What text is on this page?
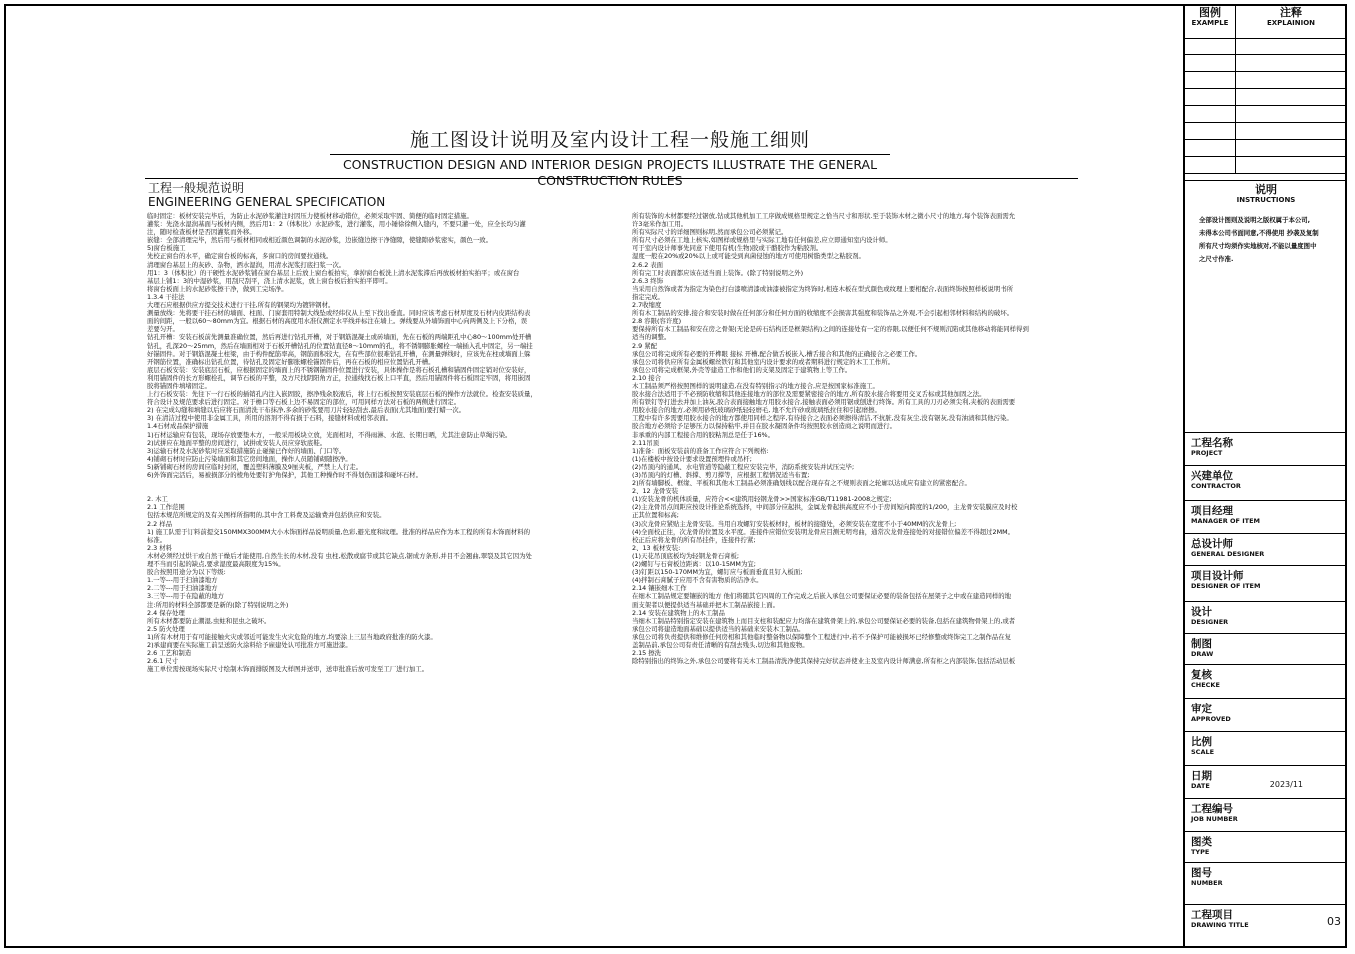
施工图设计说明及室内设计工程一般施工细则
CONSTRUCTION DESIGN AND INTERIOR DESIGN PROJECTS ILLUSTRATE THE GENERAL CONSTRUCTION RULES
工程一般规范说明
ENGINEERING GENERAL SPECIFICATION
临时固定：板材安装完毕后，为防止水泥砂浆灌注时因压力使板材移动错位，必须采取牢固、简便的临时固定措施。
灌浆：先浇水湿润基面与板材内侧，然后用1：2（体积比）水泥砂浆，进行灌浆，用小锤徐徐侧入缝内，不要只灌一处，应全长均匀灌
注，随时检查板材是否因灌浆而外移。
嵌缝：全部清理完毕，然后用与板材相同或相近颜色调制的水泥砂浆，边嵌缝边擦干净缝隙，使缝隙砂浆密实，颜色一致。
5)窗台板施工
先校正窗台的水平，确定窗台板的标高，多窗口的房间要拉通线。
清理窗台基层上的灰砂、杂物，洒水湿润，用清水泥浆打底扫浆一次。
用1：3（体积比）的干硬性水泥砂浆铺在窗台基层上后放上窗台板拍实，拿掉窗台板洗上清水泥浆滞后再放板材拍实拍平；或在窗台
基层上铺1：3的中湿砂浆，用刮尺刮平，浇上清水泥浆，放上窗台板后拍实拍平即可。
将窗台板面上的水泥砂浆擦干净，做到工完场净。
1.3.4 干挂法
大理石应根据供应方提交技术进行干挂,所有的钢架均为镀锌钢材。
测量放线：先将要干挂石材的墙面、柱面、门窗套用特制大线坠或经纬仪从上至下找出垂直。同时应该考虑石材厚度及石材内皮距结构表
面的间距，一般以60～80mm为宜。根据石材的高度用水准仪测定水平线并标注在墙上。弹线要从外墙饰面中心向两侧及上下分格，误
差要匀开。
钻孔开槽：安装石板前先测量准确位置，然后再进行钻孔开槽，对于钢筋混凝土或砖墙面，先在石板的两端距孔中心80～100mm处开槽
钻孔，孔深20～25mm，然后在墙面相对于石板开槽钻孔的位置钻直径8～10mm的孔，将不锈钢膨胀螺栓一端插入孔中固定，另一端挂
好锚固件。对于钢筋混凝土柱梁，由于构件配筋率高，钢筋面积较大，在有些部位很难钻孔开槽，在测量弹线时，应该先在柱或墙面上躲
开钢筋位置，准确标出钻孔位置，待钻孔及固定好膨胀螺栓锚固件后，再在石板的相应位置钻孔开槽。
底层石板安装：安装底层石板，应根据固定的墙面上的不锈钢锚固件位置进行安装，具体操作是将石板孔槽和锚固件固定销对位安装好，
利用锚固件的长方形螺栓孔，调节石板的平整，及方尺找阴阳角方正，拉通线找石板上口平直，然后用锚固件将石板固定牢固，将用嵌固
胶将锚固件填堵固定。
上行石板安装：先往下一行石板的插销孔内注入嵌固胶，擦净残余胶液后，将上行石板按照安装底层石板的操作方法就位。检查安装质量，
符合设计及规范要求后进行固定。对于檐口等石板上边不易固定的部位，可用同样方法对石板的两侧进行固定。
2) 在完成勾缝和填缝以后应将石面清洗干布抹净,多余的砂浆要用刀片轻轻刮去,最后表面(尤其地面)要打蜡一次。
3) 在清洁过程中使用非金属工具，所用的溶剂不得有损于石料，接缝材料或相邻表面。
1.4石材成品保护措施
1)石材运输应有包装，现场存放要垫木方，一般采用板块立放，光面相对，不得雨淋、水泡、长期日晒，尤其注意防止草绳污染。
2)试拼应在地面平整的房间进行，试拼或安装人员应穿软底鞋。
3)运输石材及水泥砂浆时应采取措施防止碰撞已作好的墙面、门口等。
4)铺砌石材时应防止污染墙面和其它房间地面，操作人员随铺砌随擦净。
5)新铺砌石材的房间应临时封闭，覆盖塑料薄膜及9厘夹板，严禁上人行走。
6)外饰面完活后，易被损部分的棱角处要钉护角保护，其他工种操作时不得划伤面漆和碰坏石材。

2. 木工
2.1 工作范围
包括本规范所规定的及有关图样所指明的,其中含工料费及运输费并包括供应和安装。
2.2 样品
1) 施工队需于订料前提交150MMX300MM大小木饰面样品说明质量,色彩,避光度和纹理。批准的样品应作为本工程的所有木饰面材料的
标准。
2.3 材料
木材必须经过烘干或自然干燥后才能使用,自然生长的木材,没有 虫柱,松散或腐节或其它缺点,锯成方条形,并目不会翘曲,翠裂及其它因为处
理不当而引起的缺点,要求湿度最高限度为15%。
胶合按照用途分为以下等级:
1.一等---用于扫油漆地方
2.二等---用于扫油漆地方
3.三等---用于在隐蔽的地方
注:所用的材料全部都要是新的(除了特别说明之外)
2.4 保存处理
所有木材都要防止潮湿,虫蛀和昆虫之破坏。
2.5 防火处理
1)所有木材用于有可能接触火灾或邻近可能发生火灾危险的地方,均要涂上三层当地政府批准的防火漆。
2)承建商要在实际施工前呈送防火涂料给予雇建处认可批准方可施进漆。
2.6 工艺和制造
2.6.1 尺寸
施工单位需按现场实际尺寸绘制木饰面排版图及大样图并送审，送审批准后放可发至工厂进行加工。
所有装饰的木材都要经过锯放,钻或其他机加工工序做成规格里规定之恰当尺寸和形状.至于装饰木材之微小尺寸的地方,每个装饰表面需允
许3毫米作加工用。
所有实际尺寸的详细图则标明,然而承包公司必须紧记。
所有尺寸必须在工地上核实,如图样或规格里与实际工地有任何偏差,应立即通知室内设计师。
可于室内设计师事先同意下使用有机(生物)胶或干酪胶作为粘胶剂。
湿度一般在20%或20%以上或可能受到真菌侵蚀的地方可使用树脂类型之粘胶剂。
2.6.2 表面
所有完工时表面都应该在适当面上装饰。(除了特别说明之外)
2.6.3 终饰
当采用自然饰或者为指定为染色打白漆喷清漆或油漆被指定为终饰时,相连木板在型式颜色或纹理上要相配合,表面终饰按照样板说明书所
指定完成。
2.7收缩度
所有木工制品的安排,接合和安装时做在任何部分和任何方面的收缩度不会损害其强度和装饰品之外观,不会引起相邻材料和结构的破坏。
2.8 容限(容许度)
要保持所有木工制品和安在房之骨架(无论是砖石结构还是框架结构)之间的连接处有一定的容限,以便任何不规则沉陷或其他移动将能同样得到
适当的调整。
2.9 紧配
承包公司将完成所有必要的开榫眼 接标 开槽,配合做舌板嵌入,槽舌接合和其他的正确接合之必要工作。
承包公司将供应所有金属板螺丝铁钉和其他室内设计要求的或者期料进行规定的木工工作所。
承包公司将完成框架,外壳等建造工作和他们的支架及固定于建筑物上等工作。
2.10 接合
木工制品须严格按照图样的说明建造,在没有特别指示的地方接合,应是按国家标准施工。
胶水接合法适用于不必预防收缩和其他连接地方的部位及需要紧密接合的地方,所有胶水接合将要用交叉舌标或其他加固之法。
所有铁钉等打进去并加上油灰,胶合表面接触地方用胶水接合,接触表面必须用锯或刨进行终饰。所有工具的刀刃必须尖利,夹板的表面需要
用胶水接合的地方,必须用砂纸玻璃砂纸轻轻磨毛, 地不允许砂或玻璃纸拉住和引起磨擦。
工程中有许多需要用胶水接合的地方都使用同样之程序,有待接合之表面必须擦得清洁,不抗脏,没有灰尘,没有锯灰,没有油渍和其他污染。
胶合地方必须给予足够压力以保持粘牢,并目在胶水凝固条件均按照胶水创造商之说明而进行。
非承重的内部工程接合用的胶粘剂总是任于16%。
2.11吊顶
1)准备：面板安装前的准备工作应符合下列规格:
(1)在楼板中按设计要求设置预埋件或吊杆;
(2)吊顶内的通风、水电管道等隐蔽工程应安装完毕，消防系统安装并试压完毕;
(3)吊顶内的灯槽、斜撑、剪刀撑等，应根据工程情况适当布置;
2)所有墙脚板、框缘、平板和其他木工制品必须准确划线以配合现存有之不规则表面之轮廓以达成应有建立的紧密配合。
2、12 龙骨安装
(1)安装龙骨的机体质量，应符合<<建筑用轻钢龙骨>>国家标准GB/T11981-2008之规定;
(2)主龙骨吊点间距应按设计推论系统选择，中间部分应起拱，金属龙骨起拱高度应不小于房间短向跨度的1/200，主龙骨安装膜应及时校
正其位置和标高;
(3)次龙骨应紧贴主龙骨安装。当用自攻螺钉安装板材时，板材的接缝处，必须安装在宽度不小于40MM的次龙骨上;
(4)全面校正往，次龙骨的位置及水平度。连接件应错位安装明龙骨应目测无明弯曲，通常次龙骨连接处的对接错位偏差不得超过2MM。
校正后应将龙骨的所有吊挂件，连接件拧紧;
2、13 板材安装:
(1)天花吊顶底板均为轻钢龙骨石膏板;
(2)螺钉与石膏板边距离：以10-15MM为宜;
(3)钉距以150-170MM为宜，螺钉应与板面垂直且钉入板面;
(4)拌制石膏腻子应用不含有害物质的洁净水。
2.14 镶嵌细木工作
在细木工制品规定要镶嵌的地方 他们将随其它四周的工作完成之后嵌入承包公司要保证必要的装备包括在屋架子之中或在建造同样的地
面支架者以便提供适当基础并把木工制品嵌接上面。
2.14 安装在建筑物上的木工制品
当细木工制品特别指定安装在建筑物上而目支柱和装配应力均落在建筑骨架上的,承包公司要保证必要的装备,包括在建筑物骨架上的,或者
承包公司将建造地面基础以提供适当的基础来安装木工制品。
承包公司将负责提供和维修任何房相和其他临时整备物以保障整个工程进行中,若不予保护可能被损坏已经修整或终饰完工之制作品在复
盖制品前,承包公司有责任清晰的有刮去残头,切边和其他废物。
2.15 擦洗
除特别指出的终饰之外,承包公司要将有关木工制品清洗净使其保持完好状态并使业主及室内设计师满意,所有柜之内部装饰,包括活动层板
图例
EXAMPLE
注释
EXPLAINION
说明
INSTRUCTIONS
全部设计图则及说明之版权属于本公司,
未得本公司书面同意,不得使用 抄袭及复制
所有尺寸均须作实地核对,不能以量度图中
之尺寸作准.
工程名称
PROJECT
兴建单位
CONTRACTOR
项目经理
MANAGER OF ITEM
总设计师
GENERAL DESIGNER
项目设计师
DESIGNER OF ITEM
设计
DESIGNER
制图
DRAW
复核
CHECKE
审定
APPROVED
比例
SCALE
日期
DATE	2023/11
工程编号
JOB NUMBER
图类
TYPE
图号
NUMBER
工程项目
DRAWING TITLE	03
